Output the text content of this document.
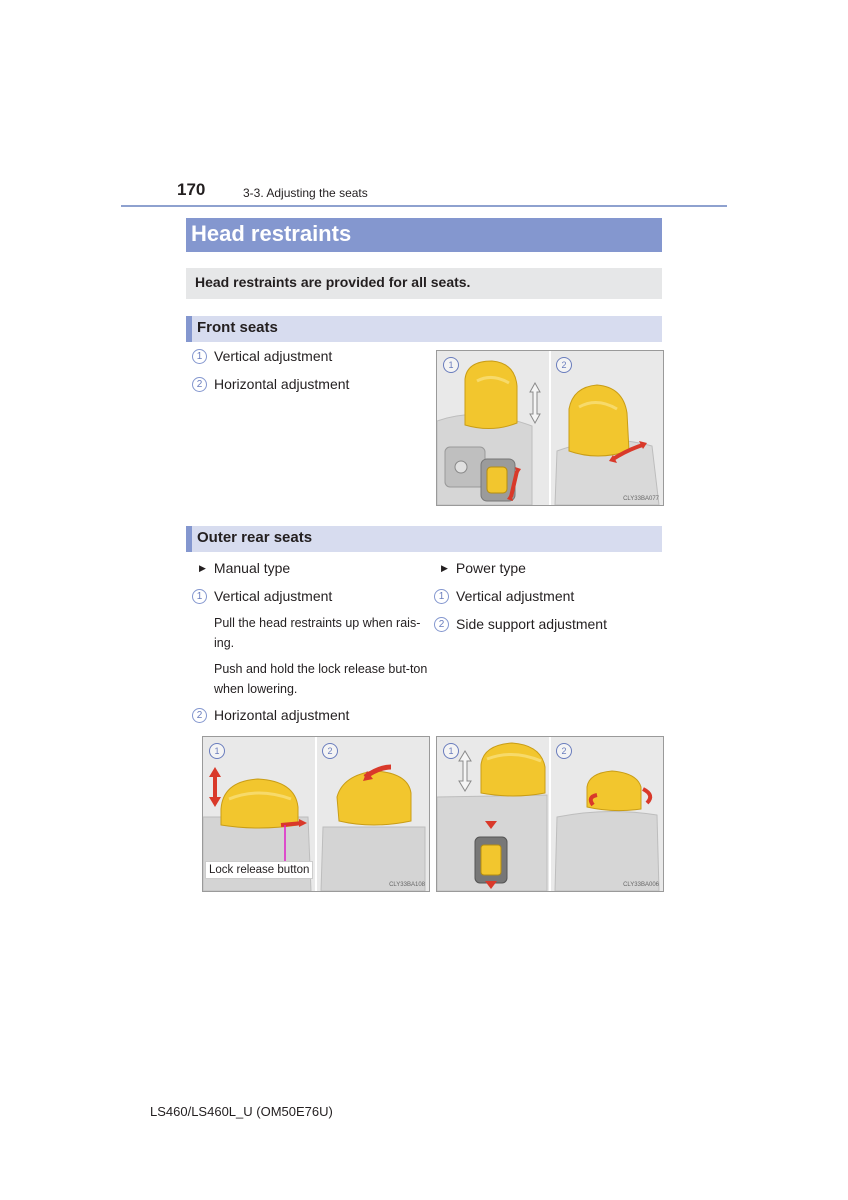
170	3-3. Adjusting the seats
Head restraints
Head restraints are provided for all seats.
Front seats
1 Vertical adjustment
2 Horizontal adjustment
1	2
CLY33BA077
Outer rear seats
▶ Manual type
1 Vertical adjustment
Pull the head restraints up when rais-ing.
Push and hold the lock release but-ton when lowering.
2 Horizontal adjustment
▶ Power type
1 Vertical adjustment
2 Side support adjustment
1	2
Lock release button
CLY33BA108
1	2
CLY33BA006
LS460/LS460L_U (OM50E76U)
